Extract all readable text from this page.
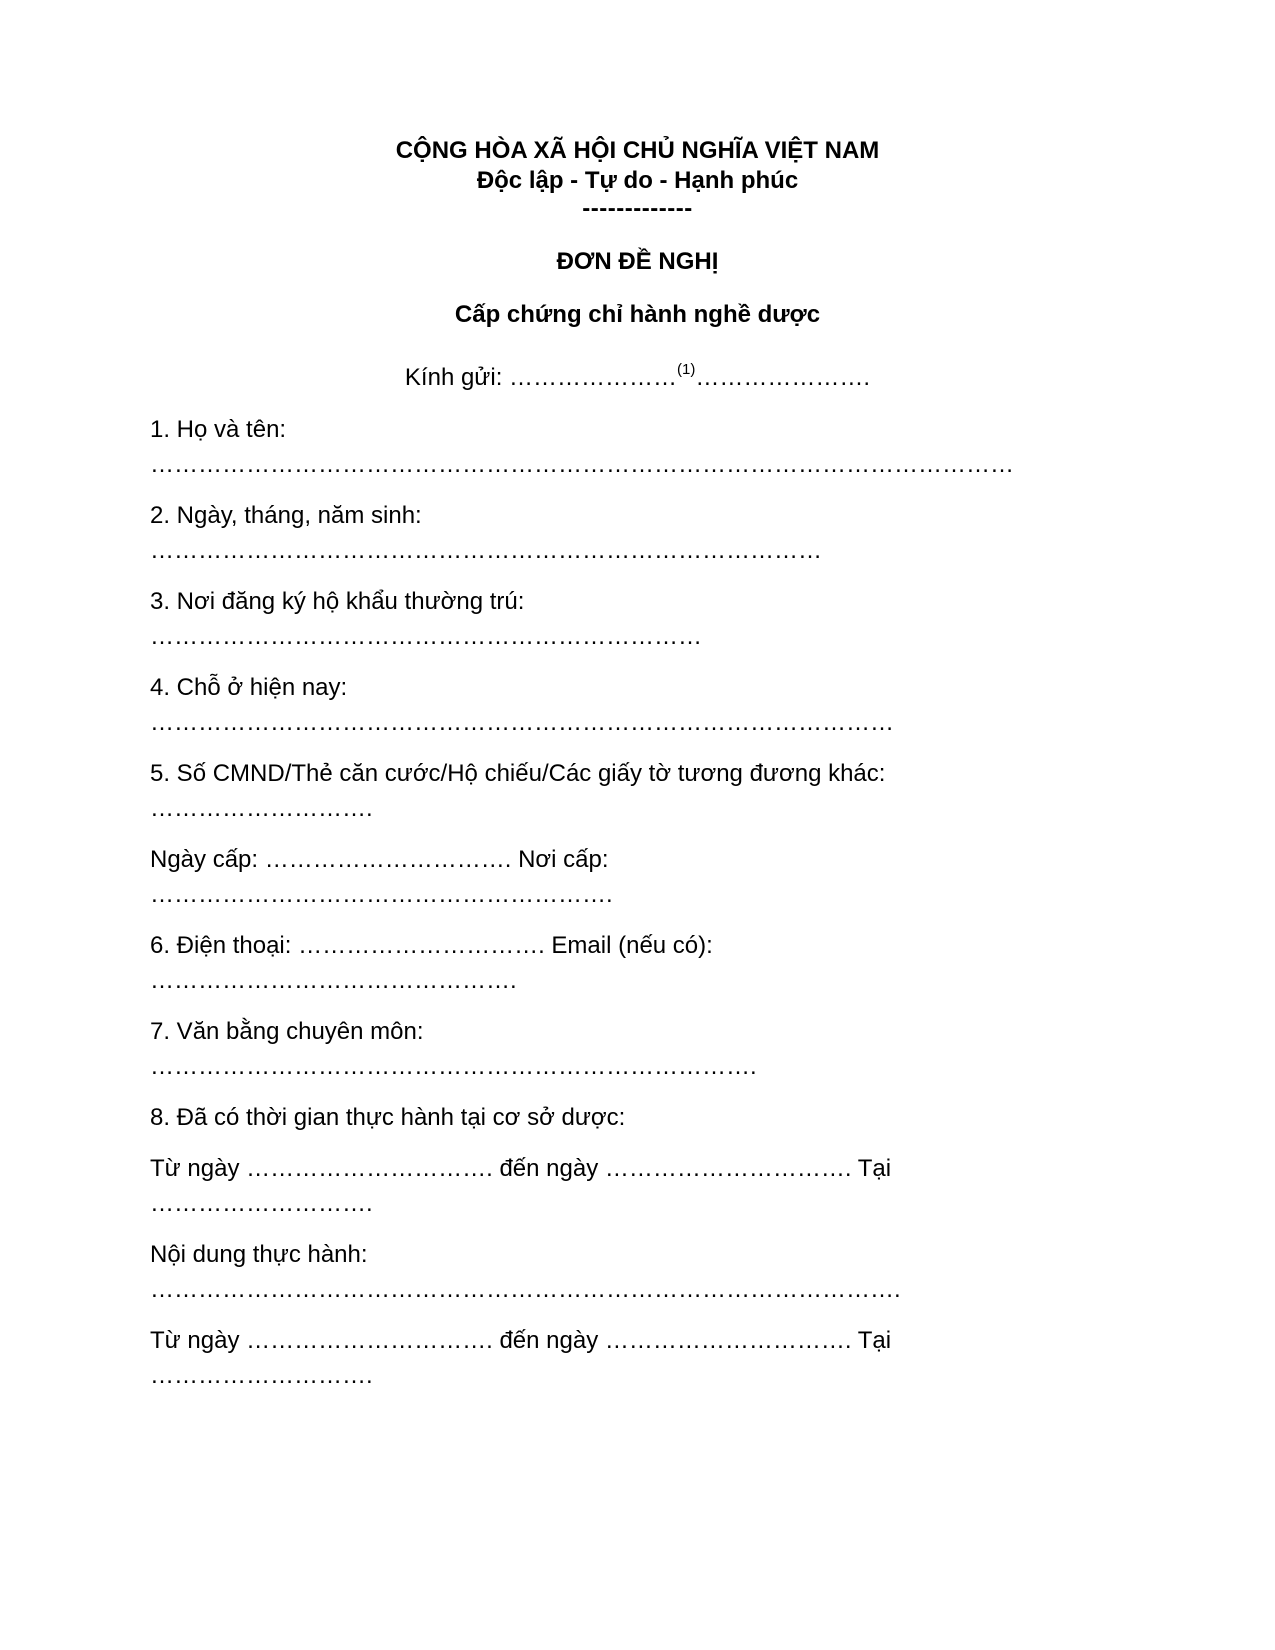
CỘNG HÒA XÃ HỘI CHỦ NGHĨA VIỆT NAM
Độc lập - Tự do - Hạnh phúc
-------------
ĐƠN ĐỀ NGHỊ
Cấp chứng chỉ hành nghề dược
Kính gửi: …………………$^{(1)}$………………….
1. Họ và tên:
………………………………………………………………………………………………
2. Ngày, tháng, năm sinh:
…………………………………………………………………………
3. Nơi đăng ký hộ khẩu thường trú:
……………………………………………………………
4. Chỗ ở hiện nay:
…………………………………………………………………………………
5. Số CMND/Thẻ căn cước/Hộ chiếu/Các giấy tờ tương đương khác:
……………………….
Ngày cấp: …………………………. Nơi cấp:
………………………………………………….
6. Điện thoại: …………………………. Email (nếu có):
……………………………………….
7. Văn bằng chuyên môn:
………………………………………………………………….
8. Đã có thời gian thực hành tại cơ sở dược:
Từ ngày …………………………. đến ngày …………………………. Tại
……………………….
Nội dung thực hành:
………………………………………………………………………………….
Từ ngày …………………………. đến ngày …………………………. Tại
……………………….
